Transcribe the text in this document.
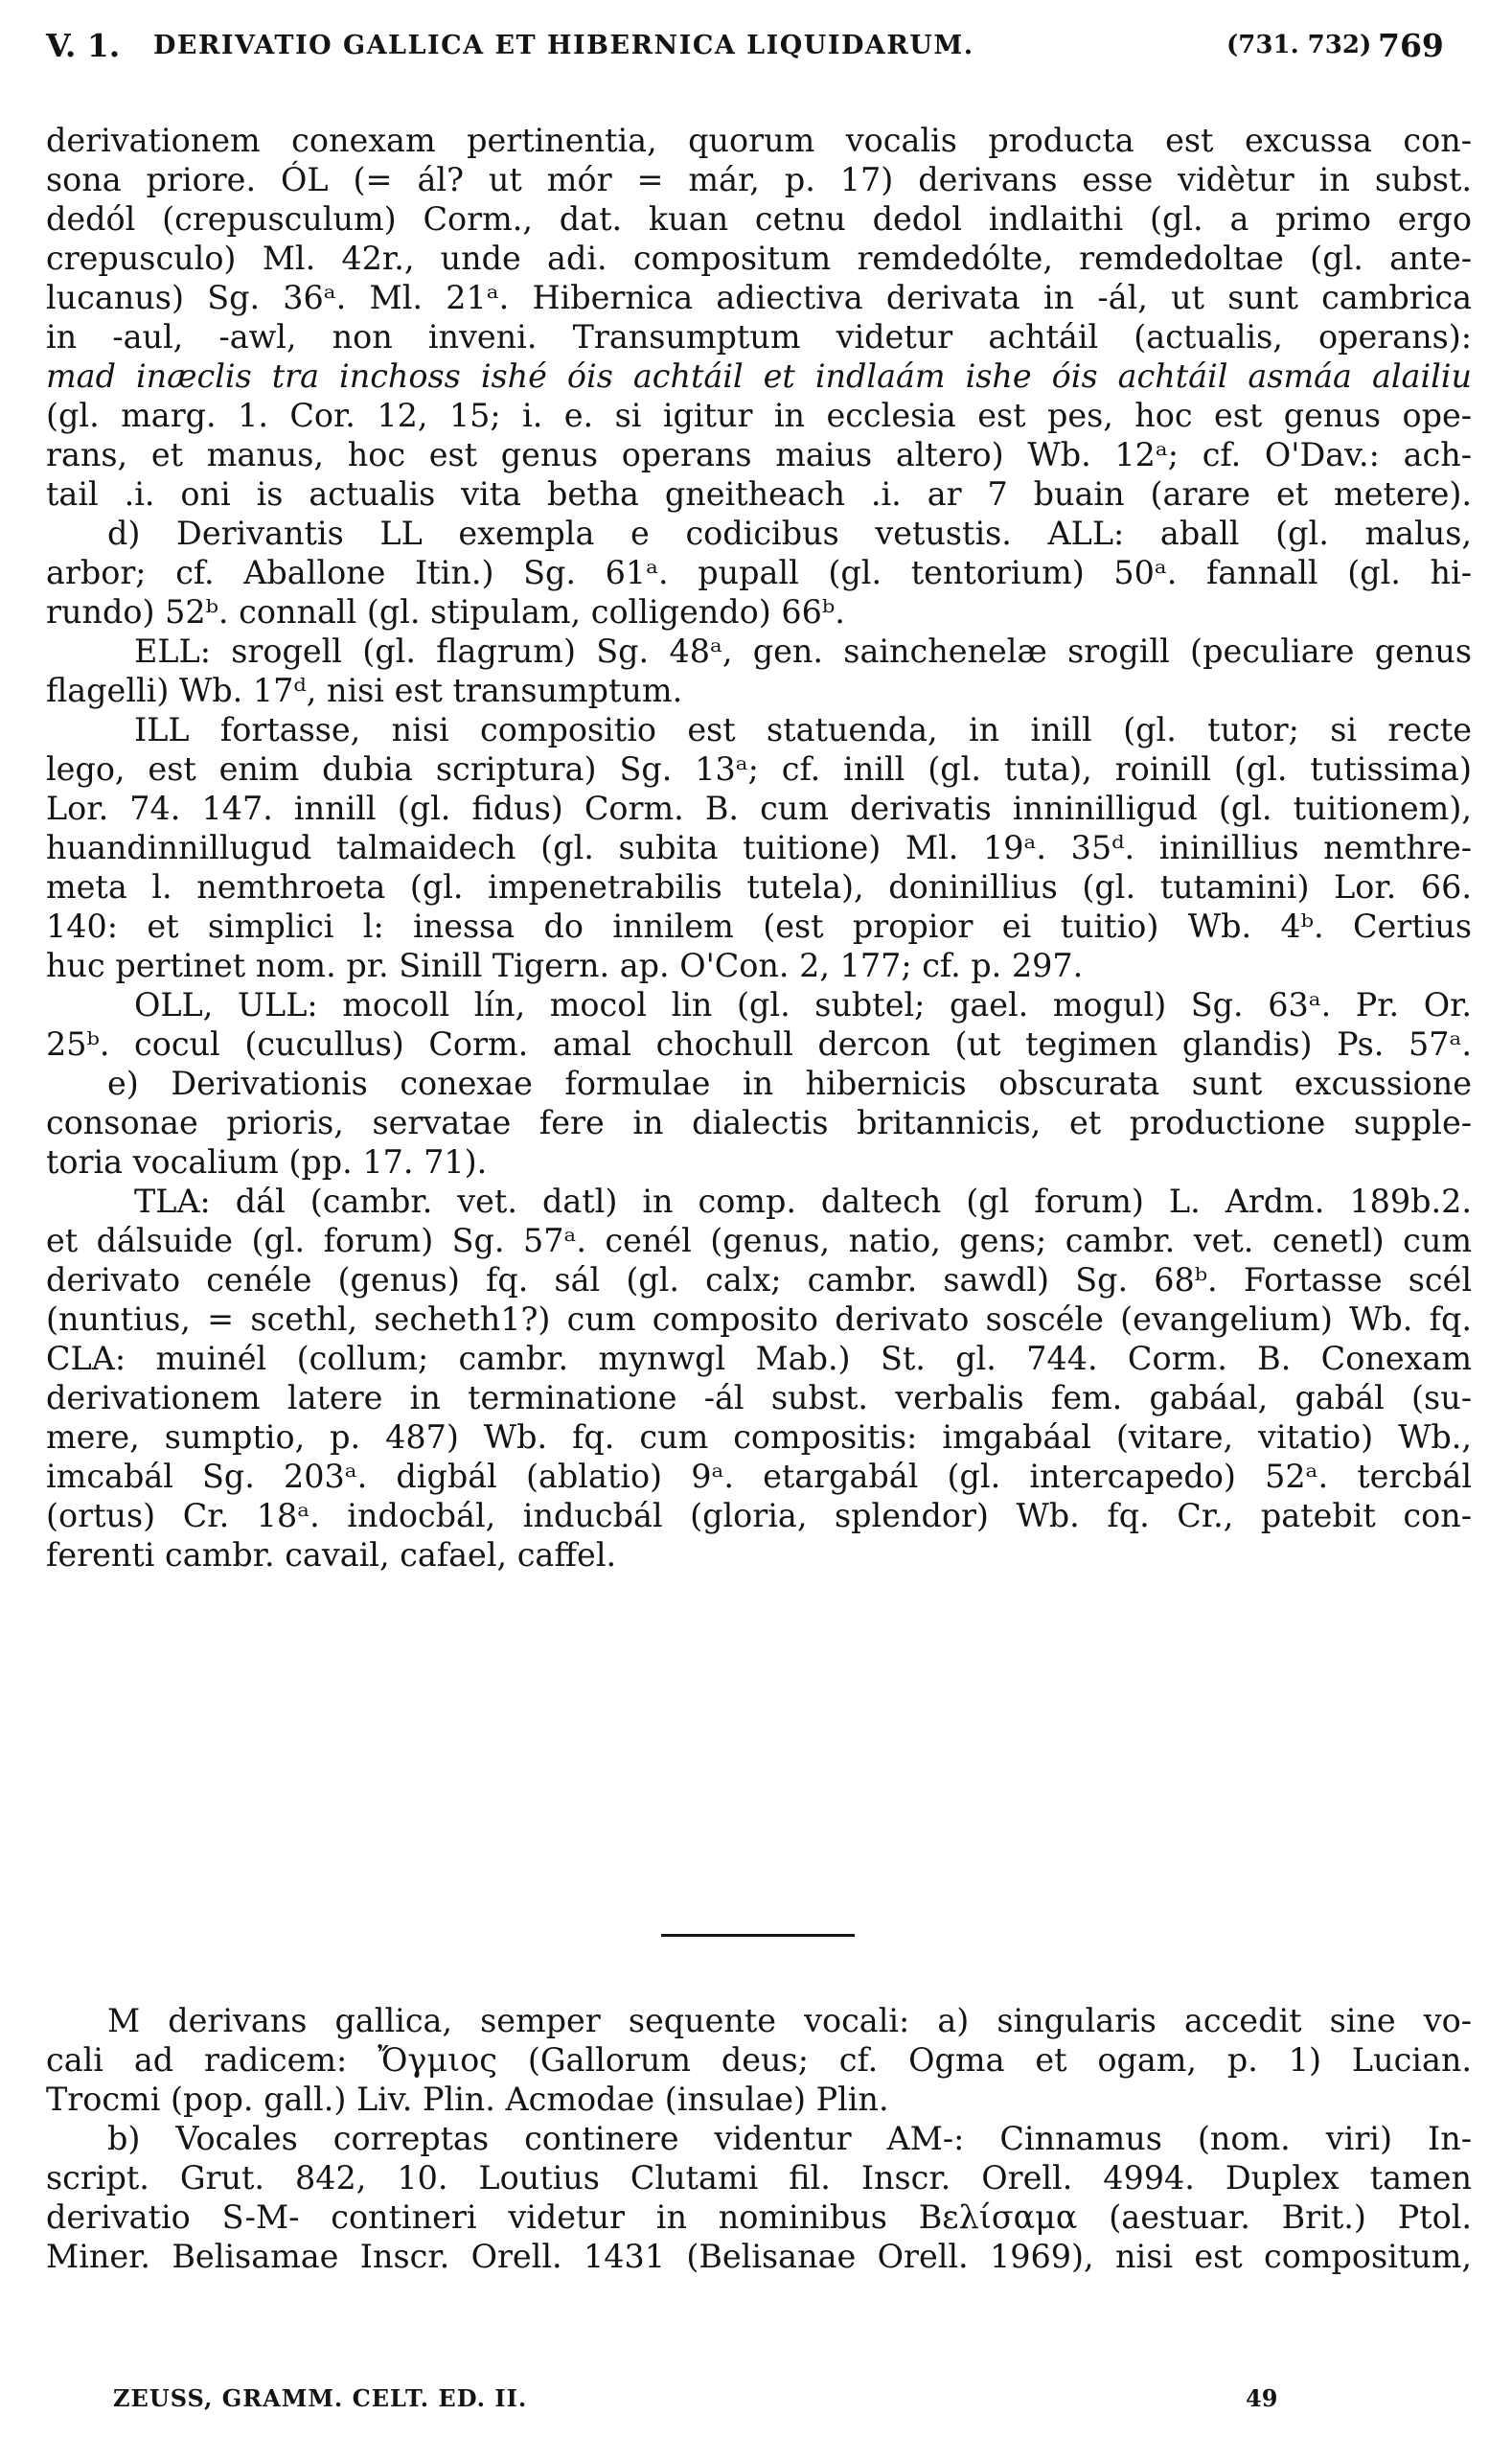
V. 1. DERIVATIO GALLICA ET HIBERNICA LIQUIDARUM.	(731. 732) 769
derivationem conexam pertinentia, quorum vocalis producta est excussa con-
sona priore. ÓL (= ál? ut mór = már, p. 17) derivans esse vidètur in subst.
dedól (crepusculum) Corm., dat. kuan cetnu dedol indlaithi (gl. a primo ergo
crepusculo) Ml. 42r., unde adi. compositum remdedólte, remdedoltae (gl. ante-
lucanus) Sg. 36ᵃ. Ml. 21ᵃ. Hibernica adiectiva derivata in -ál, ut sunt cambrica
in -aul, -awl, non inveni. Transumptum videtur achtáil (actualis, operans):
mad inæclis tra inchoss ishé óis achtáil et indlaám ishe óis achtáil asmáa alailiu
(gl. marg. 1. Cor. 12, 15; i. e. si igitur in ecclesia est pes, hoc est genus ope-
rans, et manus, hoc est genus operans maius altero) Wb. 12ᵃ; cf. O'Dav.: ach-
tail .i. oni is actualis vita betha gneitheach .i. ar 7 buain (arare et metere).
d) Derivantis LL exempla e codicibus vetustis. ALL: aball (gl. malus,
arbor; cf. Aballone Itin.) Sg. 61ᵃ. pupall (gl. tentorium) 50ᵃ. fannall (gl. hi-
rundo) 52ᵇ. connall (gl. stipulam, colligendo) 66ᵇ.
ELL: srogell (gl. flagrum) Sg. 48ᵃ, gen. sainchenelæ srogill (peculiare genus
flagelli) Wb. 17ᵈ, nisi est transumptum.
ILL fortasse, nisi compositio est statuenda, in inill (gl. tutor; si recte
lego, est enim dubia scriptura) Sg. 13ᵃ; cf. inill (gl. tuta), roinill (gl. tutissima)
Lor. 74. 147. innill (gl. fidus) Corm. B. cum derivatis inninilligud (gl. tuitionem),
huandinnillugud talmaidech (gl. subita tuitione) Ml. 19ᵃ. 35ᵈ. ininillius nemthre-
meta l. nemthroeta (gl. impenetrabilis tutela), doninillius (gl. tutamini) Lor. 66.
140: et simplici l: inessa do innilem (est propior ei tuitio) Wb. 4ᵇ. Certius
huc pertinet nom. pr. Sinill Tigern. ap. O'Con. 2, 177; cf. p. 297.
OLL, ULL: mocoll lín, mocol lin (gl. subtel; gael. mogul) Sg. 63ᵃ. Pr. Or.
25ᵇ. cocul (cucullus) Corm. amal chochull dercon (ut tegimen glandis) Ps. 57ᵃ.
e) Derivationis conexae formulae in hibernicis obscurata sunt excussione
consonae prioris, servatae fere in dialectis britannicis, et productione supple-
toria vocalium (pp. 17. 71).
TLA: dál (cambr. vet. datl) in comp. daltech (gl forum) L. Ardm. 189b.2.
et dálsuide (gl. forum) Sg. 57ᵃ. cenél (genus, natio, gens; cambr. vet. cenetl) cum
derivato cenéle (genus) fq. sál (gl. calx; cambr. sawdl) Sg. 68ᵇ. Fortasse scél
(nuntius, = scethl, secheth1?) cum composito derivato soscéle (evangelium) Wb. fq.
CLA: muinél (collum; cambr. mynwgl Mab.) St. gl. 744. Corm. B. Conexam
derivationem latere in terminatione -ál subst. verbalis fem. gabáal, gabál (su-
mere, sumptio, p. 487) Wb. fq. cum compositis: imgabáal (vitare, vitatio) Wb.,
imcabál Sg. 203ᵃ. digbál (ablatio) 9ᵃ. etargabál (gl. intercapedo) 52ᵃ. tercbál
(ortus) Cr. 18ᵃ. indocbál, inducbál (gloria, splendor) Wb. fq. Cr., patebit con-
ferenti cambr. cavail, cafael, caffel.
M derivans gallica, semper sequente vocali: a) singularis accedit sine vo-
cali ad radicem: Ὄγμιος (Gallorum deus; cf. Ogma et ogam, p. 1) Lucian.
Trocmi (pop. gall.) Liv. Plin. Acmodae (insulae) Plin.
b) Vocales correptas continere videntur AM-: Cinnamus (nom. viri) In-
script. Grut. 842, 10. Loutius Clutami fil. Inscr. Orell. 4994. Duplex tamen
derivatio S-M- contineri videtur in nominibus Βελίσαμα (aestuar. Brit.) Ptol.
Miner. Belisamae Inscr. Orell. 1431 (Belisanae Orell. 1969), nisi est compositum,
ZEUSS, GRAMM. CELT. ED. II.	49
